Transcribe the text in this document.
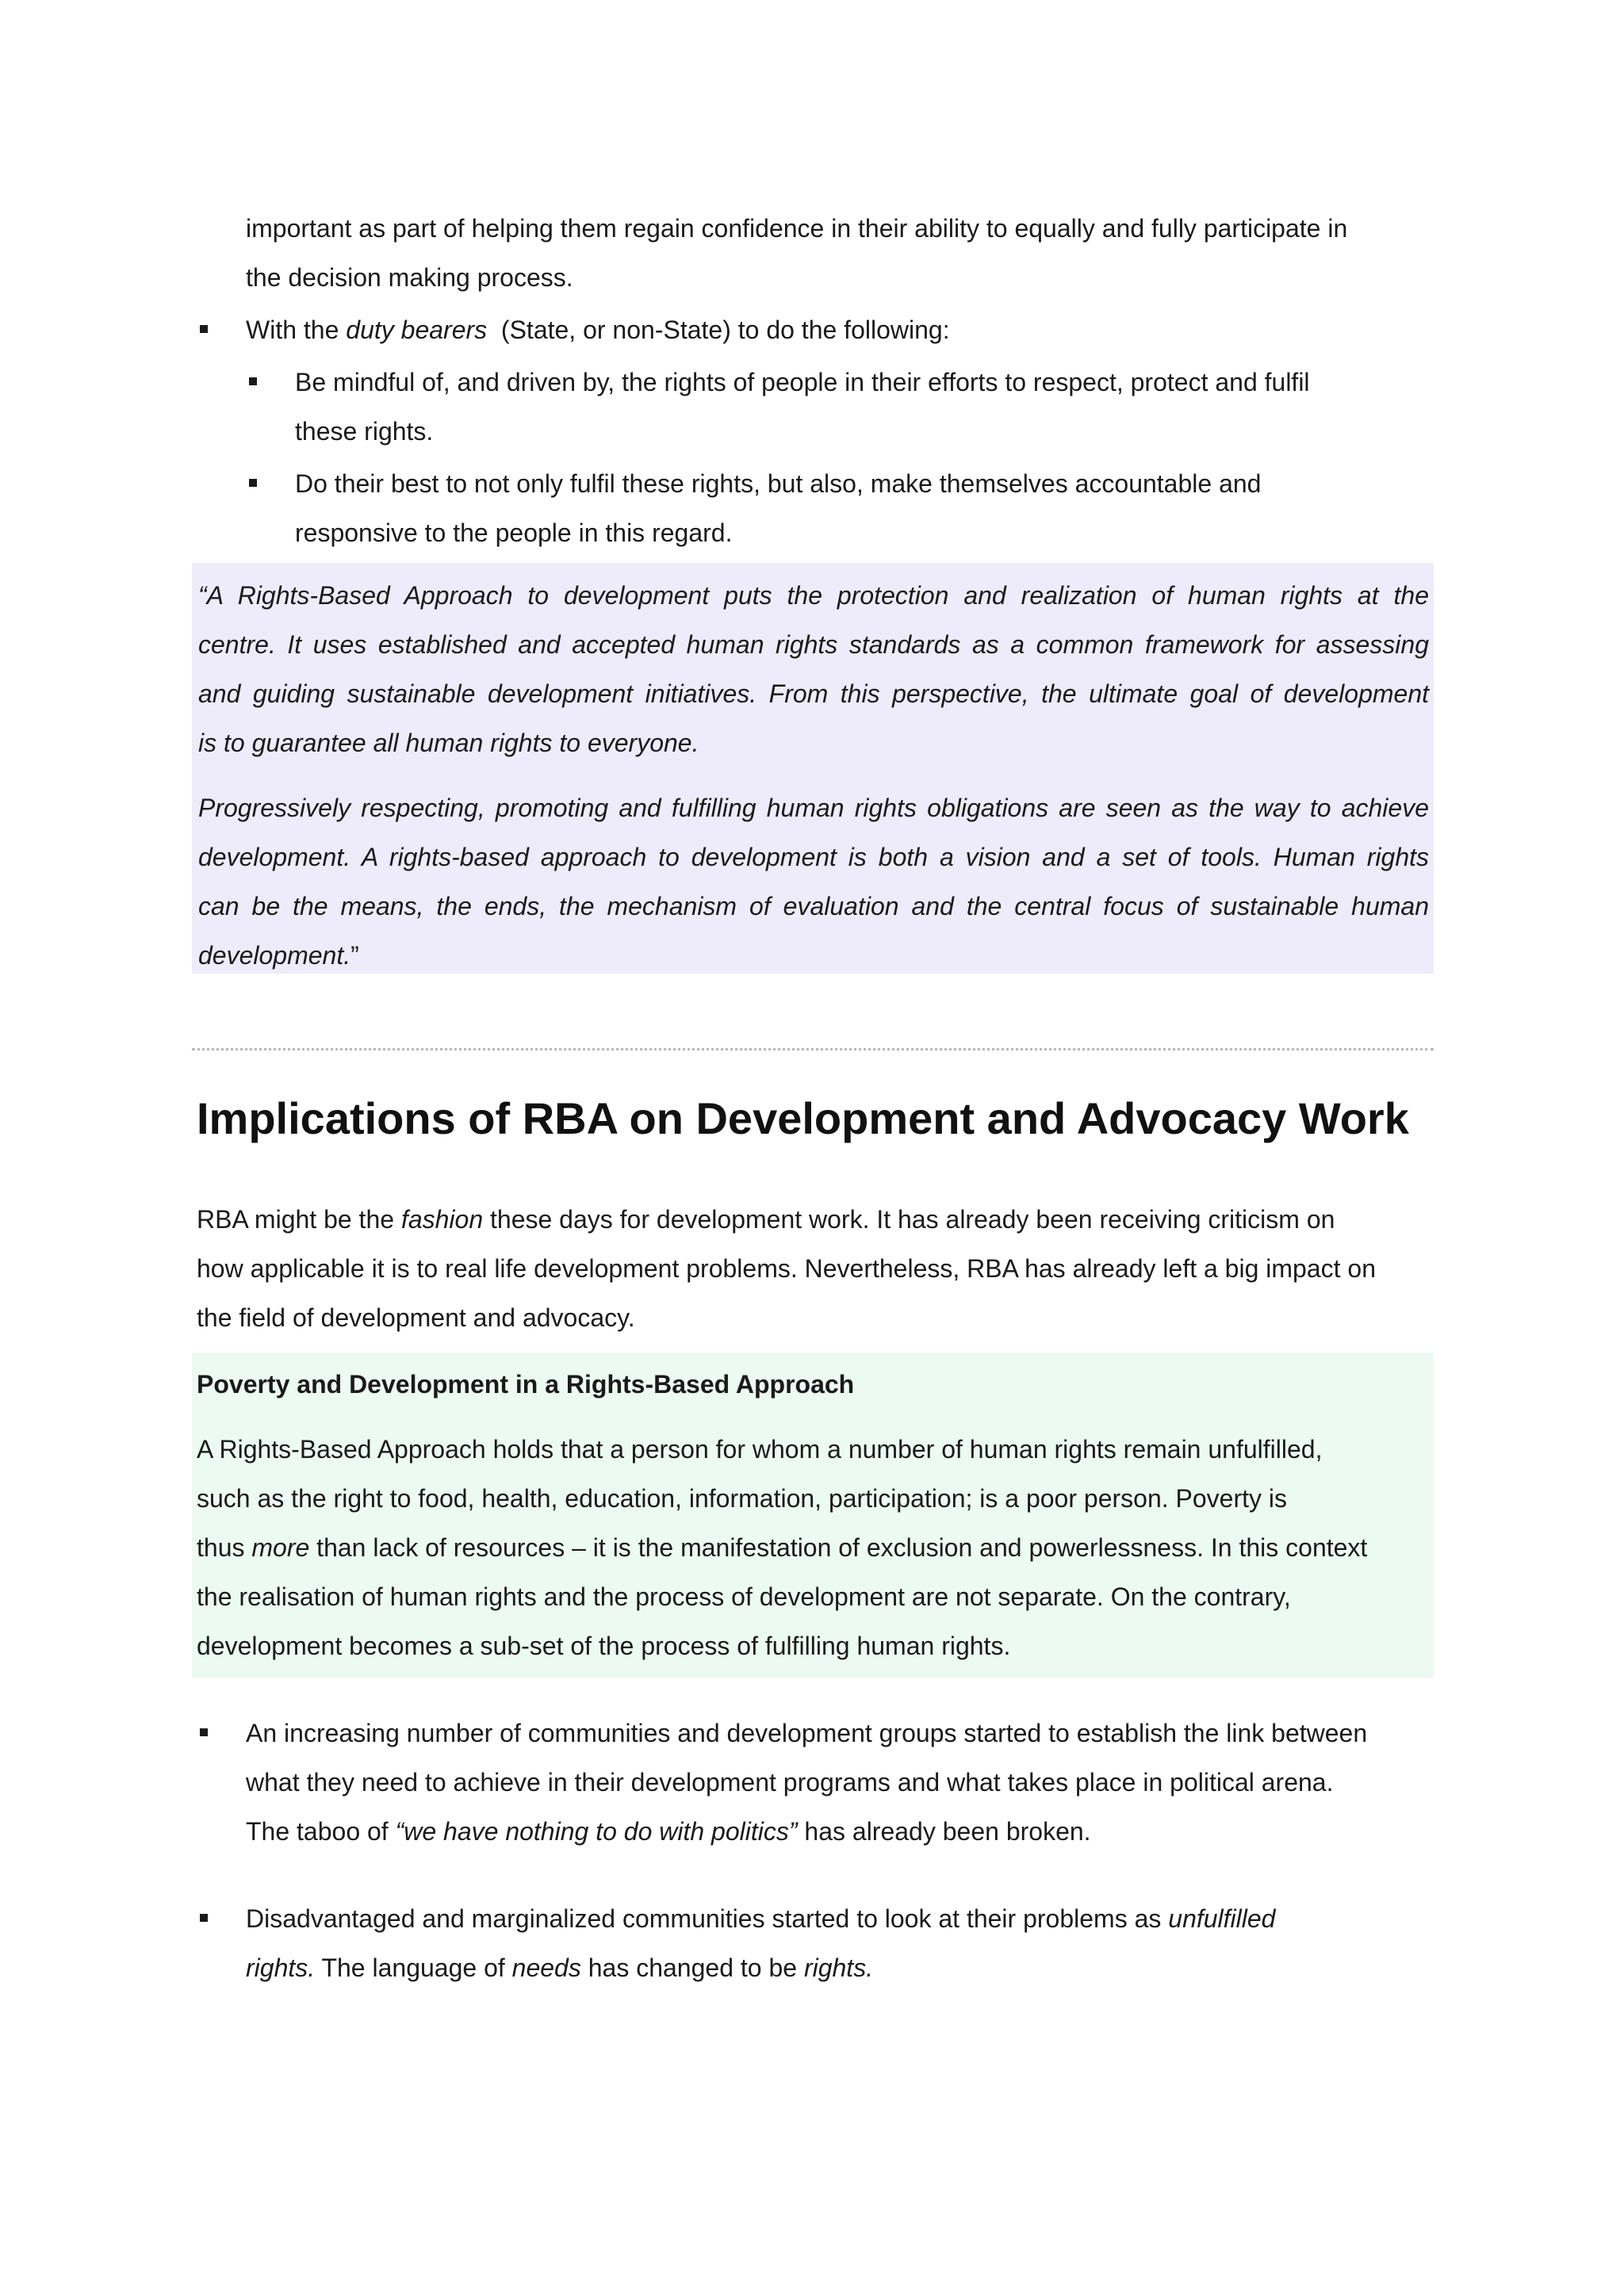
important as part of helping them regain confidence in their ability to equally and fully participate in
the decision making process.
With the duty bearers  (State, or non-State) to do the following:
Be mindful of, and driven by, the rights of people in their efforts to respect, protect and fulfil
these rights.
Do their best to not only fulfil these rights, but also, make themselves accountable and
responsive to the people in this regard.
“A Rights-Based Approach to development puts the protection and realization of human rights at the
centre. It uses established and accepted human rights standards as a common framework for assessing
and guiding sustainable development initiatives. From this perspective, the ultimate goal of development
is to guarantee all human rights to everyone.
Progressively respecting, promoting and fulfilling human rights obligations are seen as the way to achieve
development. A rights-based approach to development is both a vision and a set of tools. Human rights
can be the means, the ends, the mechanism of evaluation and the central focus of sustainable human
development.”
Implications of RBA on Development and Advocacy Work
RBA might be the fashion these days for development work. It has already been receiving criticism on
how applicable it is to real life development problems. Nevertheless, RBA has already left a big impact on
the field of development and advocacy.
Poverty and Development in a Rights-Based Approach
A Rights-Based Approach holds that a person for whom a number of human rights remain unfulfilled,
such as the right to food, health, education, information, participation; is a poor person. Poverty is
thus more than lack of resources – it is the manifestation of exclusion and powerlessness. In this context
the realisation of human rights and the process of development are not separate. On the contrary,
development becomes a sub-set of the process of fulfilling human rights.
An increasing number of communities and development groups started to establish the link between
what they need to achieve in their development programs and what takes place in political arena.
The taboo of “we have nothing to do with politics” has already been broken.
Disadvantaged and marginalized communities started to look at their problems as unfulfilled
rights. The language of needs has changed to be rights.
